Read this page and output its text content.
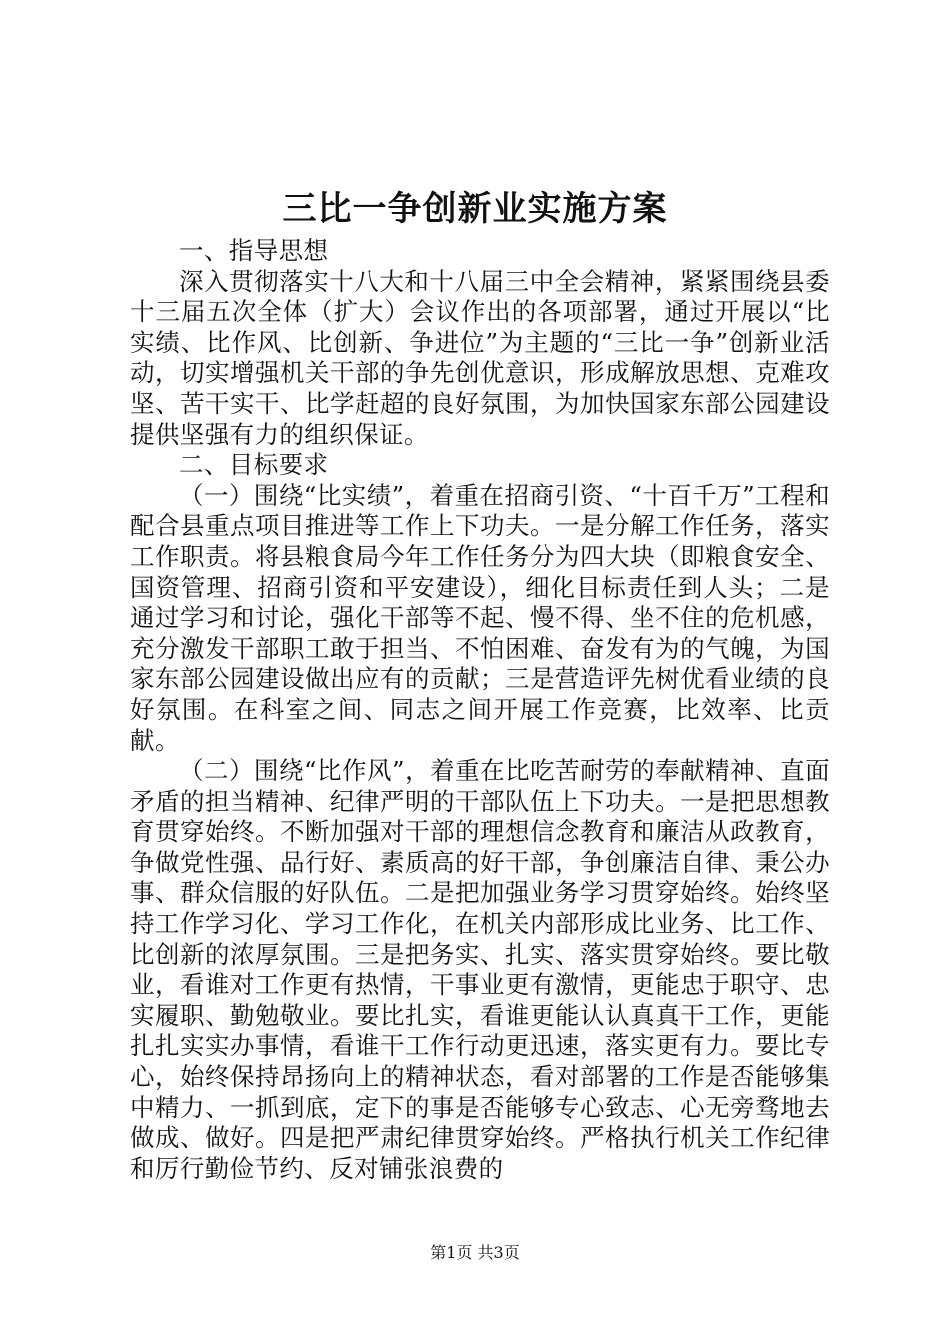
三比一争创新业实施方案

一、指导思想

深入贯彻落实十八大和十八届三中全会精神，紧紧围绕县委十三届五次全体（扩大）会议作出的各项部署，通过开展以“比实绩、比作风、比创新、争进位”为主题的“三比一争”创新业活动，切实增强机关干部的争先创优意识，形成解放思想、克难攻坚、苦干实干、比学赶超的良好氛围，为加快国家东部公园建设提供坚强有力的组织保证。

二、目标要求

（一）围绕“比实绩”，着重在招商引资、“十百千万”工程和配合县重点项目推进等工作上下功夫。一是分解工作任务，落实工作职责。将县粮食局今年工作任务分为四大块（即粮食安全、国资管理、招商引资和平安建设），细化目标责任到人头；二是通过学习和讨论，强化干部等不起、慢不得、坐不住的危机感，充分激发干部职工敢于担当、不怕困难、奋发有为的气魄，为国家东部公园建设做出应有的贡献；三是营造评先树优看业绩的良好氛围。在科室之间、同志之间开展工作竞赛，比效率、比贡献。

（二）围绕“比作风”，着重在比吃苦耐劳的奉献精神、直面矛盾的担当精神、纪律严明的干部队伍上下功夫。一是把思想教育贯穿始终。不断加强对干部的理想信念教育和廉洁从政教育，争做党性强、品行好、素质高的好干部，争创廉洁自律、秉公办事、群众信服的好队伍。二是把加强业务学习贯穿始终。始终坚持工作学习化、学习工作化，在机关内部形成比业务、比工作、比创新的浓厚氛围。三是把务实、扎实、落实贯穿始终。要比敬业，看谁对工作更有热情，干事业更有激情，更能忠于职守、忠实履职、勤勉敬业。要比扎实，看谁更能认认真真干工作，更能扎扎实实办事情，看谁干工作行动更迅速，落实更有力。要比专心，始终保持昂扬向上的精神状态，看对部署的工作是否能够集中精力、一抓到底，定下的事是否能够专心致志、心无旁骛地去做成、做好。四是把严肃纪律贯穿始终。严格执行机关工作纪律和厉行勤俭节约、反对铺张浪费的

第1页 共3页
